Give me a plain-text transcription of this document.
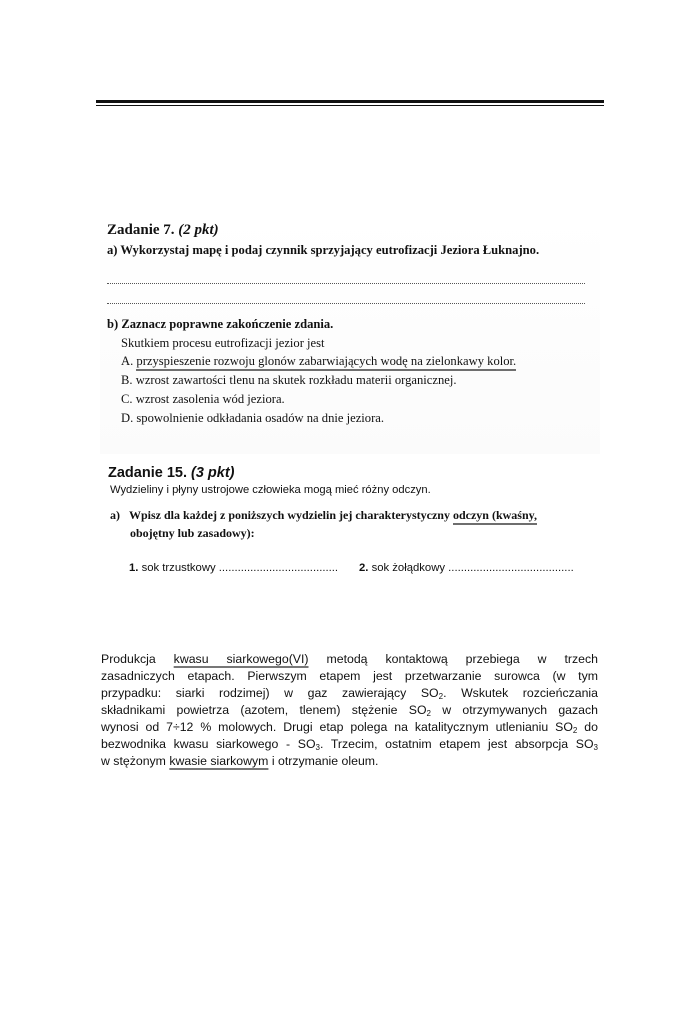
Zadanie 7. (2 pkt)
a) Wykorzystaj mapę i podaj czynnik sprzyjający eutrofizacji Jeziora Łuknajno.
b) Zaznacz poprawne zakończenie zdania.
Skutkiem procesu eutrofizacji jezior jest
A. przyspieszenie rozwoju glonów zabarwiających wodę na zielonkawy kolor.
B. wzrost zawartości tlenu na skutek rozkładu materii organicznej.
C. wzrost zasolenia wód jeziora.
D. spowolnienie odkładania osadów na dnie jeziora.
Zadanie 15. (3 pkt)
Wydzieliny i płyny ustrojowe człowieka mogą mieć różny odczyn.
a) Wpisz dla każdej z poniższych wydzielin jej charakterystyczny odczyn (kwaśny,
obojętny lub zasadowy):
1. sok trzustkowy ...................................... 2. sok żołądkowy ........................................
Produkcja kwasu siarkowego(VI) metodą kontaktową przebiega w trzech
zasadniczych etapach. Pierwszym etapem jest przetwarzanie surowca (w tym
przypadku: siarki rodzimej) w gaz zawierający $SO_2$. Wskutek rozcieńczania
składnikami powietrza (azotem, tlenem) stężenie $SO_2$ w otrzymywanych gazach
wynosi od 7÷12 % molowych. Drugi etap polega na katalitycznym utlenianiu $SO_2$ do
bezwodnika kwasu siarkowego - $SO_3$. Trzecim, ostatnim etapem jest absorpcja $SO_3$
w stężonym kwasie siarkowym i otrzymanie oleum.
